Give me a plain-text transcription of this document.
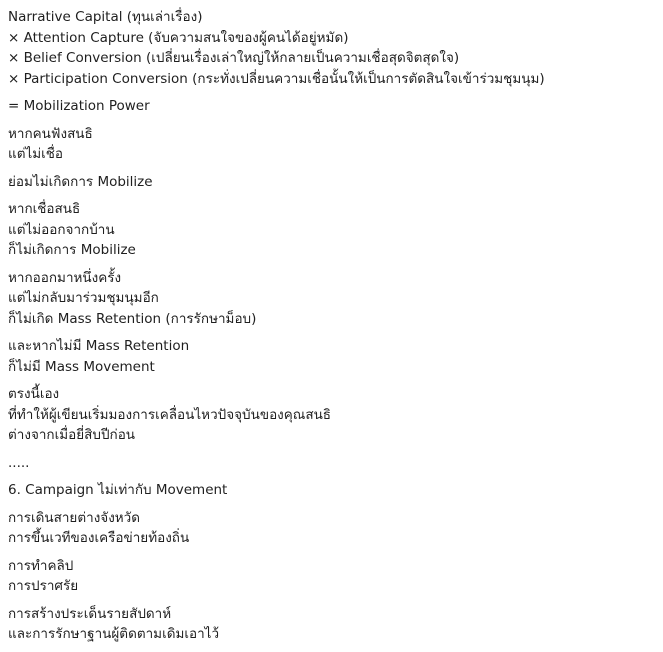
Narrative Capital (ทุนเล่าเรื่อง)
× Attention Capture (จับความสนใจของผู้คนได้อยู่หมัด)
× Belief Conversion (เปลี่ยนเรื่องเล่าใหญ่ให้กลายเป็นความเชื่อสุดจิตสุดใจ)
× Participation Conversion (กระทั่งเปลี่ยนความเชื่อนั้นให้เป็นการตัดสินใจเข้าร่วมชุมนุม)
= Mobilization Power
หากคนฟังสนธิ
แต่ไม่เชื่อ
ย่อมไม่เกิดการ Mobilize
หากเชื่อสนธิ
แต่ไม่ออกจากบ้าน
ก็ไม่เกิดการ Mobilize
หากออกมาหนึ่งครั้ง
แต่ไม่กลับมาร่วมชุมนุมอีก
ก็ไม่เกิด Mass Retention (การรักษาม็อบ)
และหากไม่มี Mass Retention
ก็ไม่มี Mass Movement
ตรงนี้เอง
ที่ทำให้ผู้เขียนเริ่มมองการเคลื่อนไหวปัจจุบันของคุณสนธิ
ต่างจากเมื่อยี่สิบปีก่อน
.....
6. Campaign ไม่เท่ากับ Movement
การเดินสายต่างจังหวัด
การขึ้นเวทีของเครือข่ายท้องถิ่น
การทำคลิป
การปราศรัย
การสร้างประเด็นรายสัปดาห์
และการรักษาฐานผู้ติดตามเดิมเอาไว้
